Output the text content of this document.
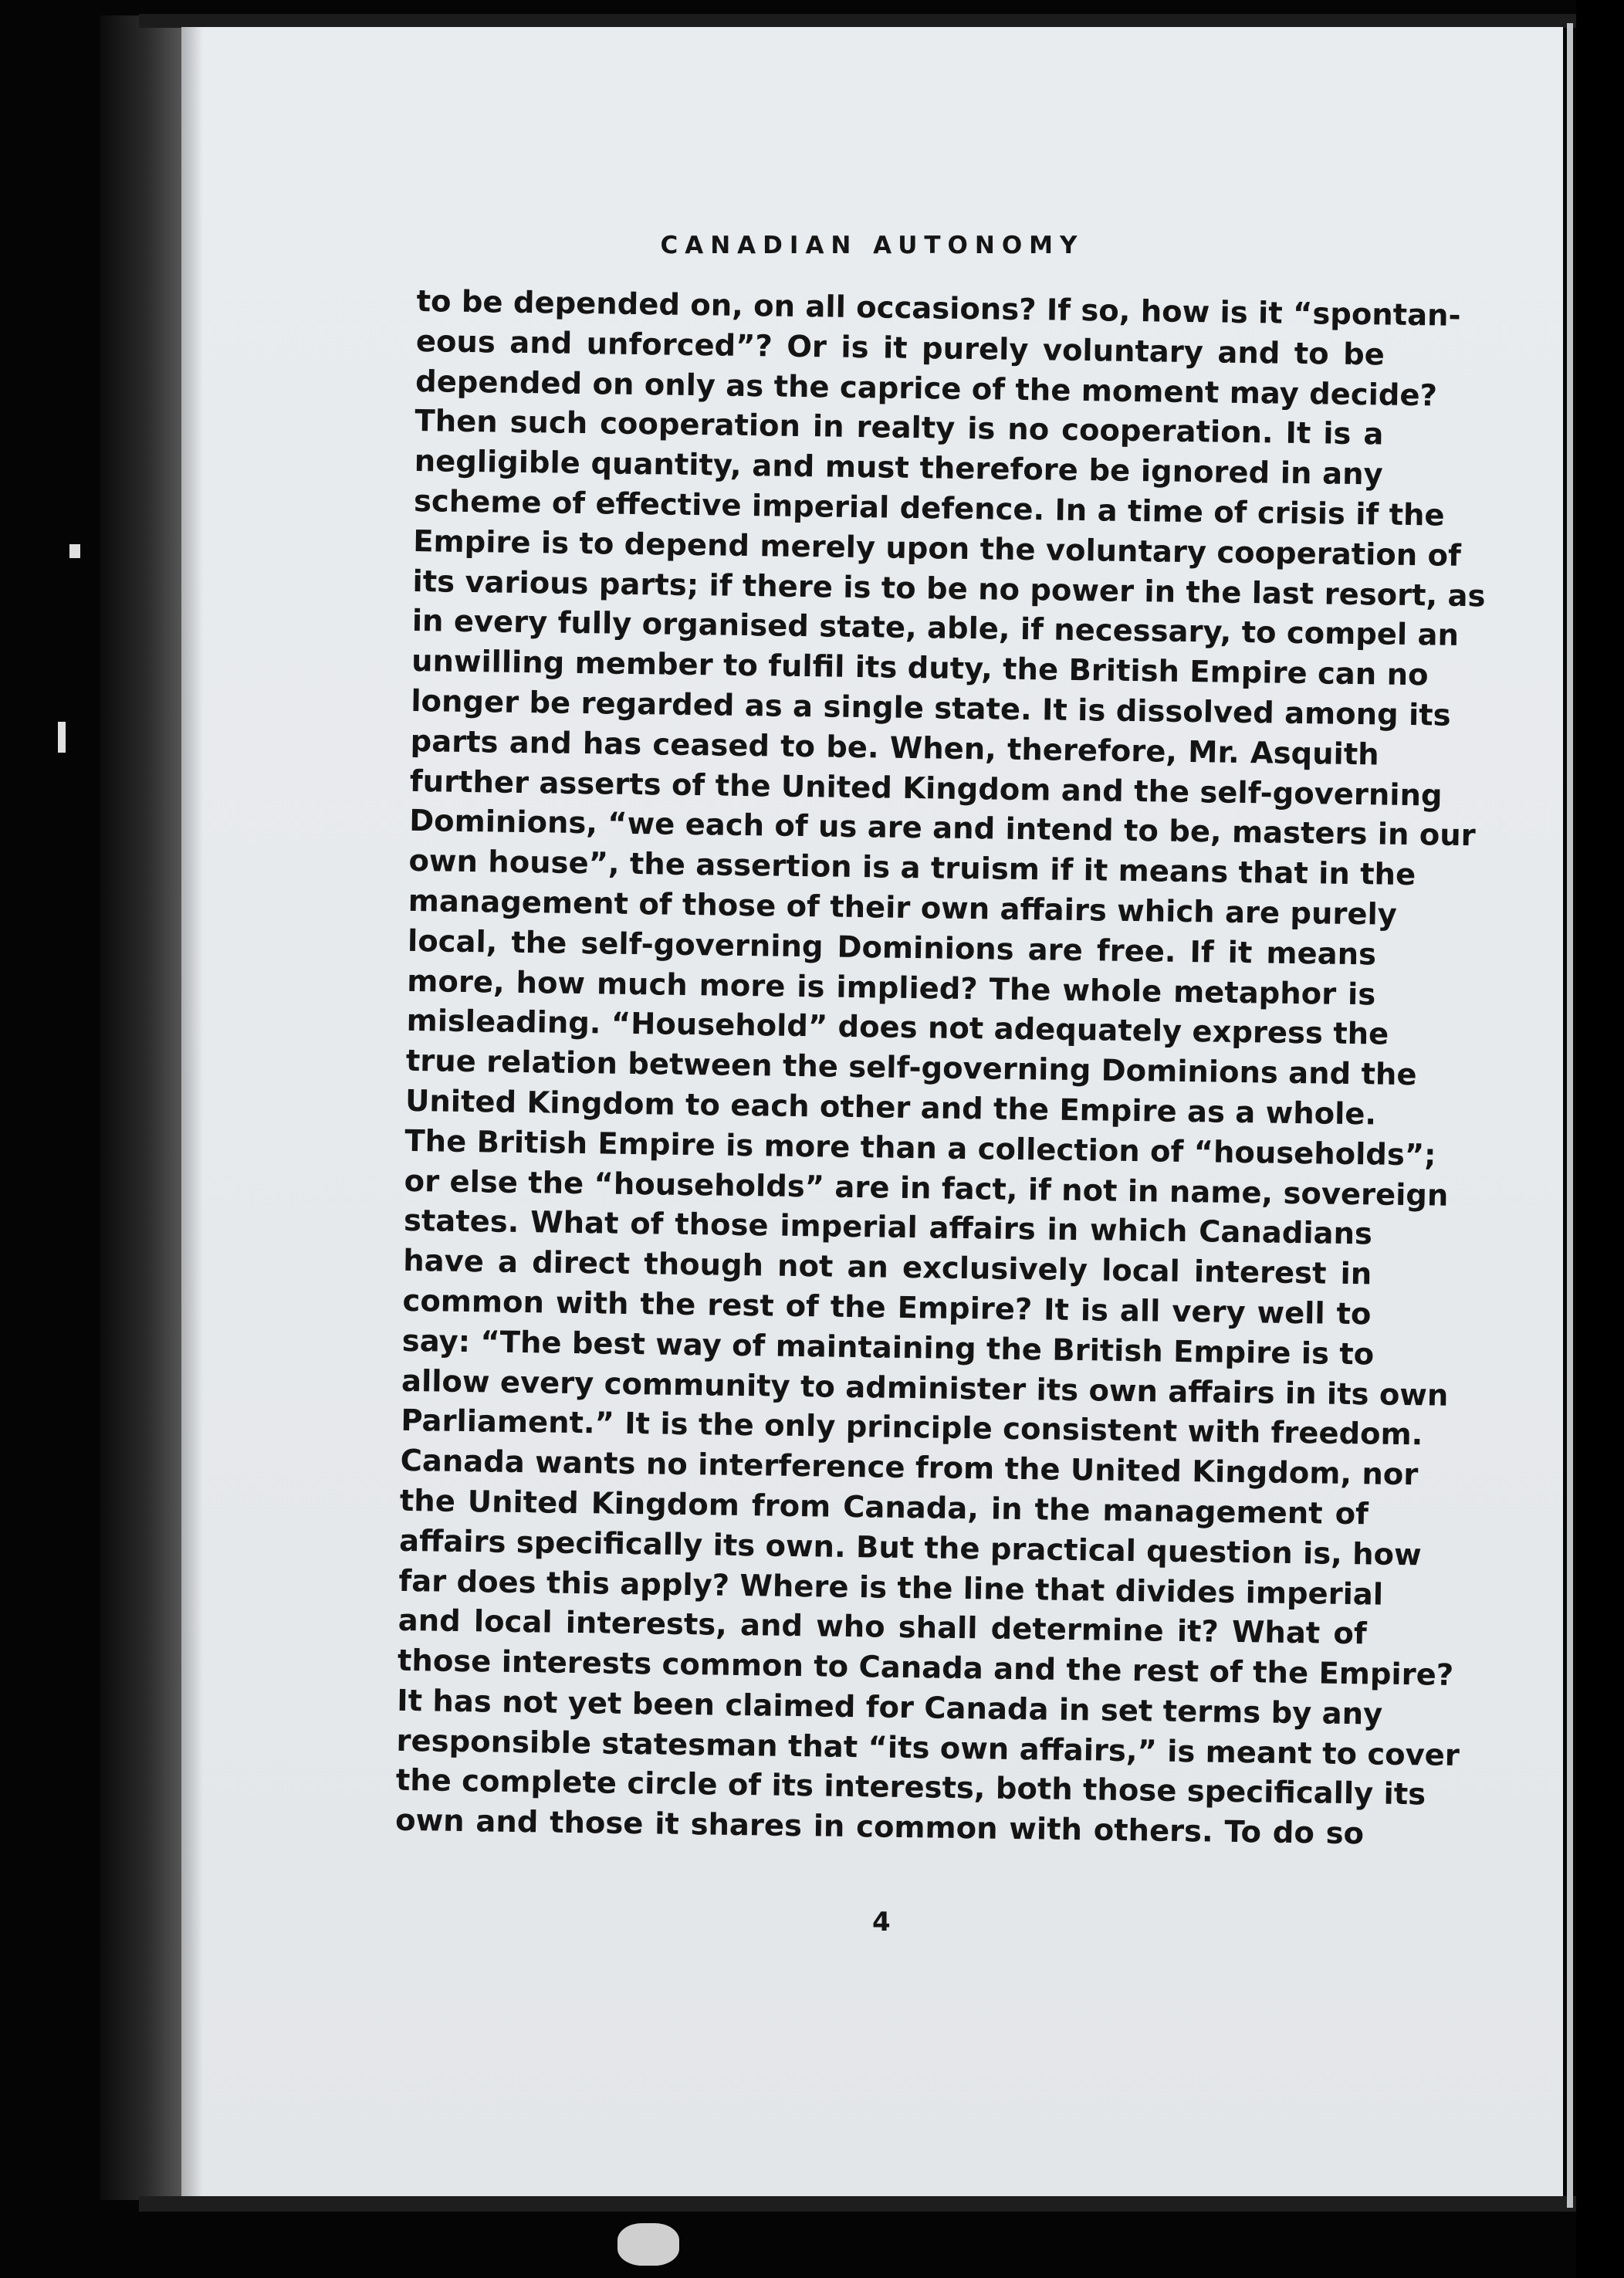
CANADIAN AUTONOMY
to be depended on, on all occasions? If so, how is it “spontan-
eous and unforced”? Or is it purely voluntary and to be
depended on only as the caprice of the moment may decide?
Then such cooperation in realty is no cooperation. It is a
negligible quantity, and must therefore be ignored in any
scheme of effective imperial defence. In a time of crisis if the
Empire is to depend merely upon the voluntary cooperation of
its various parts; if there is to be no power in the last resort, as
in every fully organised state, able, if necessary, to compel an
unwilling member to fulfil its duty, the British Empire can no
longer be regarded as a single state. It is dissolved among its
parts and has ceased to be. When, therefore, Mr. Asquith
further asserts of the United Kingdom and the self-governing
Dominions, “we each of us are and intend to be, masters in our
own house”, the assertion is a truism if it means that in the
management of those of their own affairs which are purely
local, the self-governing Dominions are free. If it means
more, how much more is implied? The whole metaphor is
misleading. “Household” does not adequately express the
true relation between the self-governing Dominions and the
United Kingdom to each other and the Empire as a whole.
The British Empire is more than a collection of “households”;
or else the “households” are in fact, if not in name, sovereign
states. What of those imperial affairs in which Canadians
have a direct though not an exclusively local interest in
common with the rest of the Empire? It is all very well to
say: “The best way of maintaining the British Empire is to
allow every community to administer its own affairs in its own
Parliament.” It is the only principle consistent with freedom.
Canada wants no interference from the United Kingdom, nor
the United Kingdom from Canada, in the management of
affairs specifically its own. But the practical question is, how
far does this apply? Where is the line that divides imperial
and local interests, and who shall determine it? What of
those interests common to Canada and the rest of the Empire?
It has not yet been claimed for Canada in set terms by any
responsible statesman that “its own affairs,” is meant to cover
the complete circle of its interests, both those specifically its
own and those it shares in common with others. To do so
4
